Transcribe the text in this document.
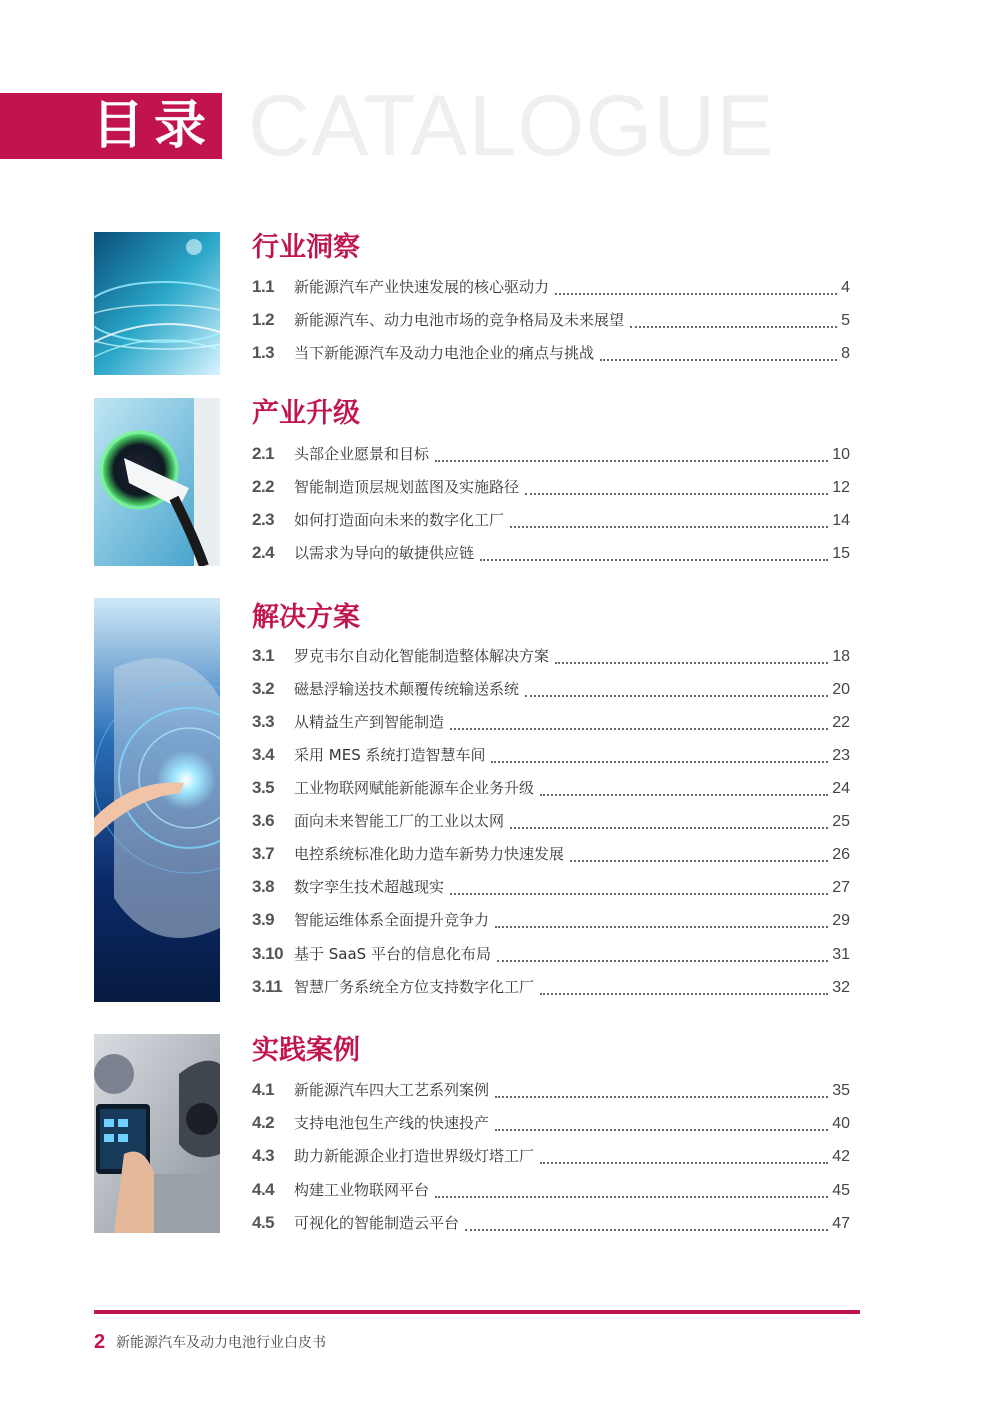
目录 CATALOGUE
行业洞察
1.1	新能源汽车产业快速发展的核心驱动力	4
1.2	新能源汽车、动力电池市场的竞争格局及未来展望	5
1.3	当下新能源汽车及动力电池企业的痛点与挑战	8
产业升级
2.1	头部企业愿景和目标	10
2.2	智能制造顶层规划蓝图及实施路径	12
2.3	如何打造面向未来的数字化工厂	14
2.4	以需求为导向的敏捷供应链	15
解决方案
3.1	罗克韦尔自动化智能制造整体解决方案	18
3.2	磁悬浮输送技术颠覆传统输送系统	20
3.3	从精益生产到智能制造	22
3.4	采用 MES 系统打造智慧车间	23
3.5	工业物联网赋能新能源车企业务升级	24
3.6	面向未来智能工厂的工业以太网	25
3.7	电控系统标准化助力造车新势力快速发展	26
3.8	数字孪生技术超越现实	27
3.9	智能运维体系全面提升竞争力	29
3.10 基于 SaaS 平台的信息化布局	31
3.11 智慧厂务系统全方位支持数字化工厂	32
实践案例
4.1	新能源汽车四大工艺系列案例	35
4.2	支持电池包生产线的快速投产	40
4.3	助力新能源企业打造世界级灯塔工厂	42
4.4	构建工业物联网平台	45
4.5	可视化的智能制造云平台	47
2 新能源汽车及动力电池行业白皮书
